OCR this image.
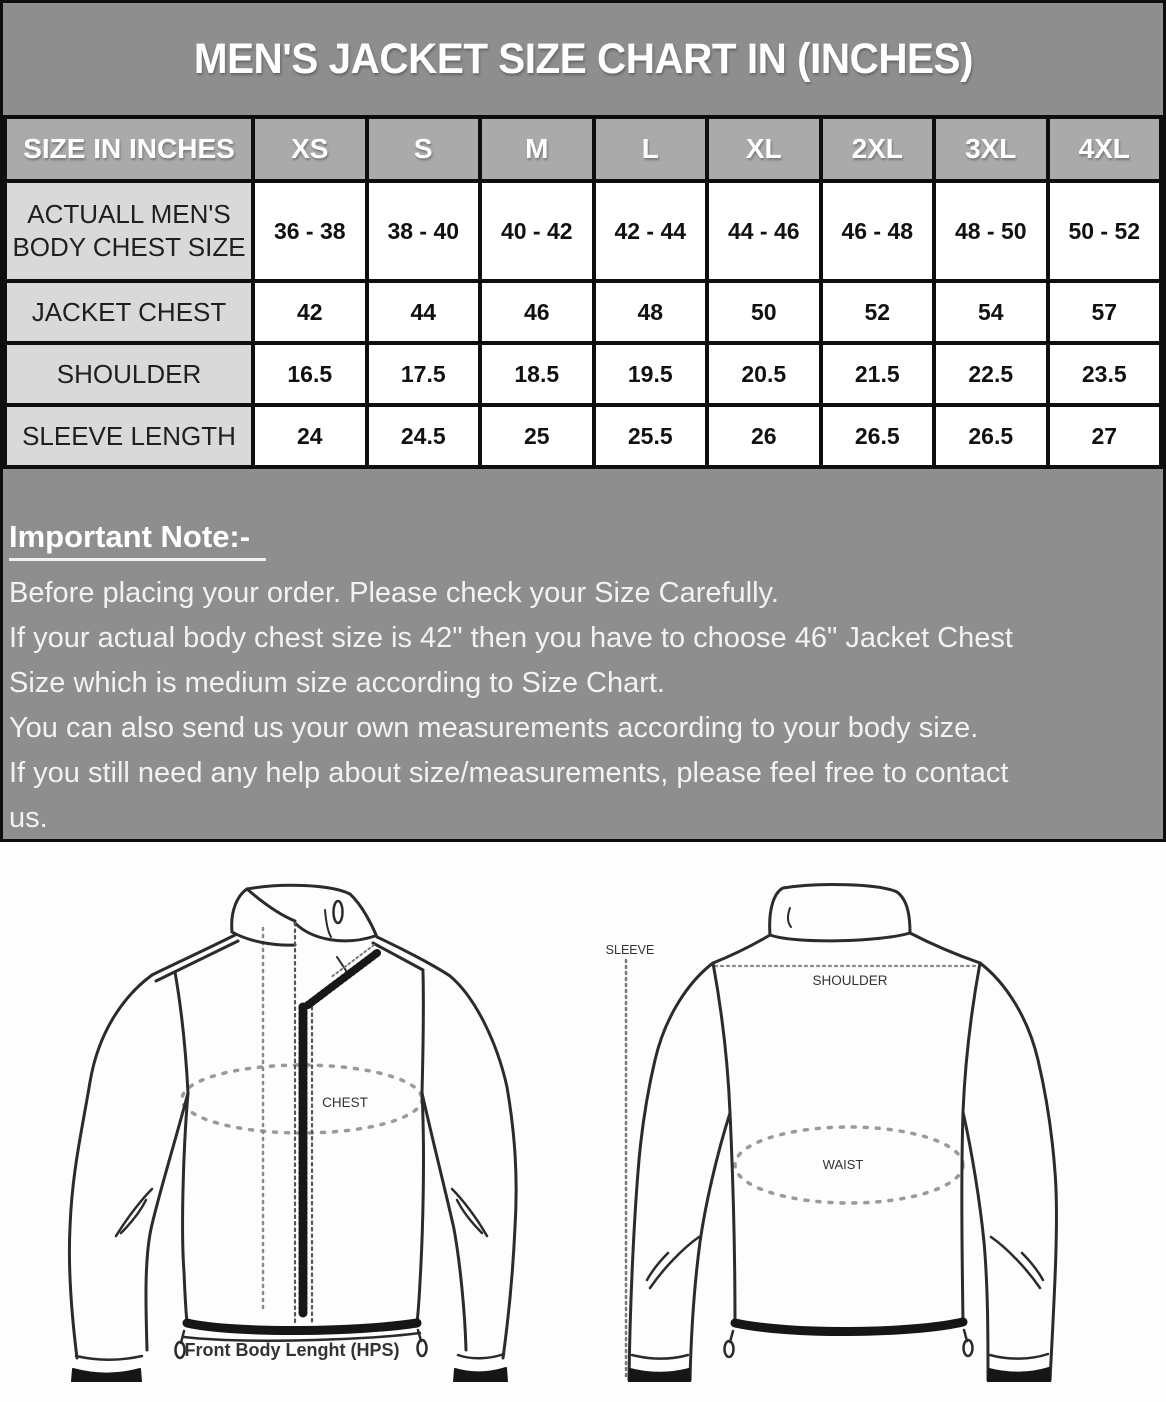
MEN'S JACKET SIZE CHART IN (INCHES)
SIZE IN INCHES	XS	S	M	L	XL	2XL	3XL	4XL
ACTUALL MEN'S BODY CHEST SIZE	36 - 38	38 - 40	40 - 42	42 - 44	44 - 46	46 - 48	48 - 50	50 - 52
JACKET CHEST	42	44	46	48	50	52	54	57
SHOULDER	16.5	17.5	18.5	19.5	20.5	21.5	22.5	23.5
SLEEVE LENGTH	24	24.5	25	25.5	26	26.5	26.5	27
Important Note:-
Before placing your order. Please check your Size Carefully.
If your actual body chest size is 42" then you have to choose 46" Jacket Chest
Size which is medium size according to Size Chart.
You can also send us your own measurements according to your body size.
If you still need any help about size/measurements, please feel free to contact
us.
CHEST
Front Body Lenght (HPS)
SLEEVE
SHOULDER
WAIST
